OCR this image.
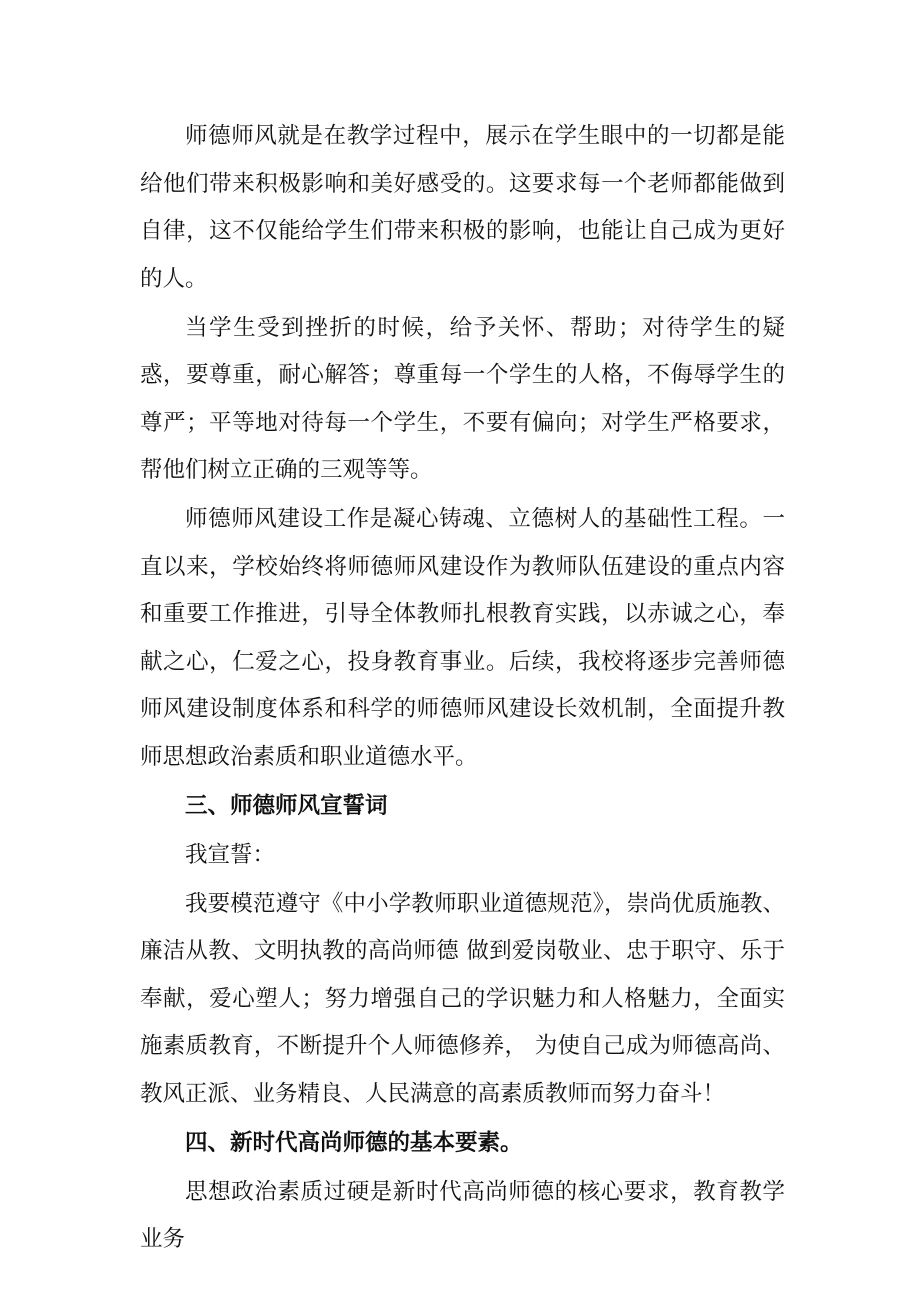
师德师风就是在教学过程中，展示在学生眼中的一切都是能给他们带来积极影响和美好感受的。这要求每一个老师都能做到自律，这不仅能给学生们带来积极的影响，也能让自己成为更好的人。

当学生受到挫折的时候，给予关怀、帮助；对待学生的疑惑，要尊重，耐心解答；尊重每一个学生的人格，不侮辱学生的尊严；平等地对待每一个学生，不要有偏向；对学生严格要求，帮他们树立正确的三观等等。

师德师风建设工作是凝心铸魂、立德树人的基础性工程。一直以来，学校始终将师德师风建设作为教师队伍建设的重点内容和重要工作推进，引导全体教师扎根教育实践，以赤诚之心，奉献之心，仁爱之心，投身教育事业。后续，我校将逐步完善师德师风建设制度体系和科学的师德师风建设长效机制，全面提升教师思想政治素质和职业道德水平。

三、师德师风宣誓词

我宣誓：

我要模范遵守《中小学教师职业道德规范》，崇尚优质施教、廉洁从教、文明执教的高尚师德 做到爱岗敬业、忠于职守、乐于奉献，爱心塑人；努力增强自己的学识魅力和人格魅力，全面实施素质教育，不断提升个人师德修养， 为使自己成为师德高尚、教风正派、业务精良、人民满意的高素质教师而努力奋斗！

四、新时代高尚师德的基本要素。

思想政治素质过硬是新时代高尚师德的核心要求，教育教学业务
